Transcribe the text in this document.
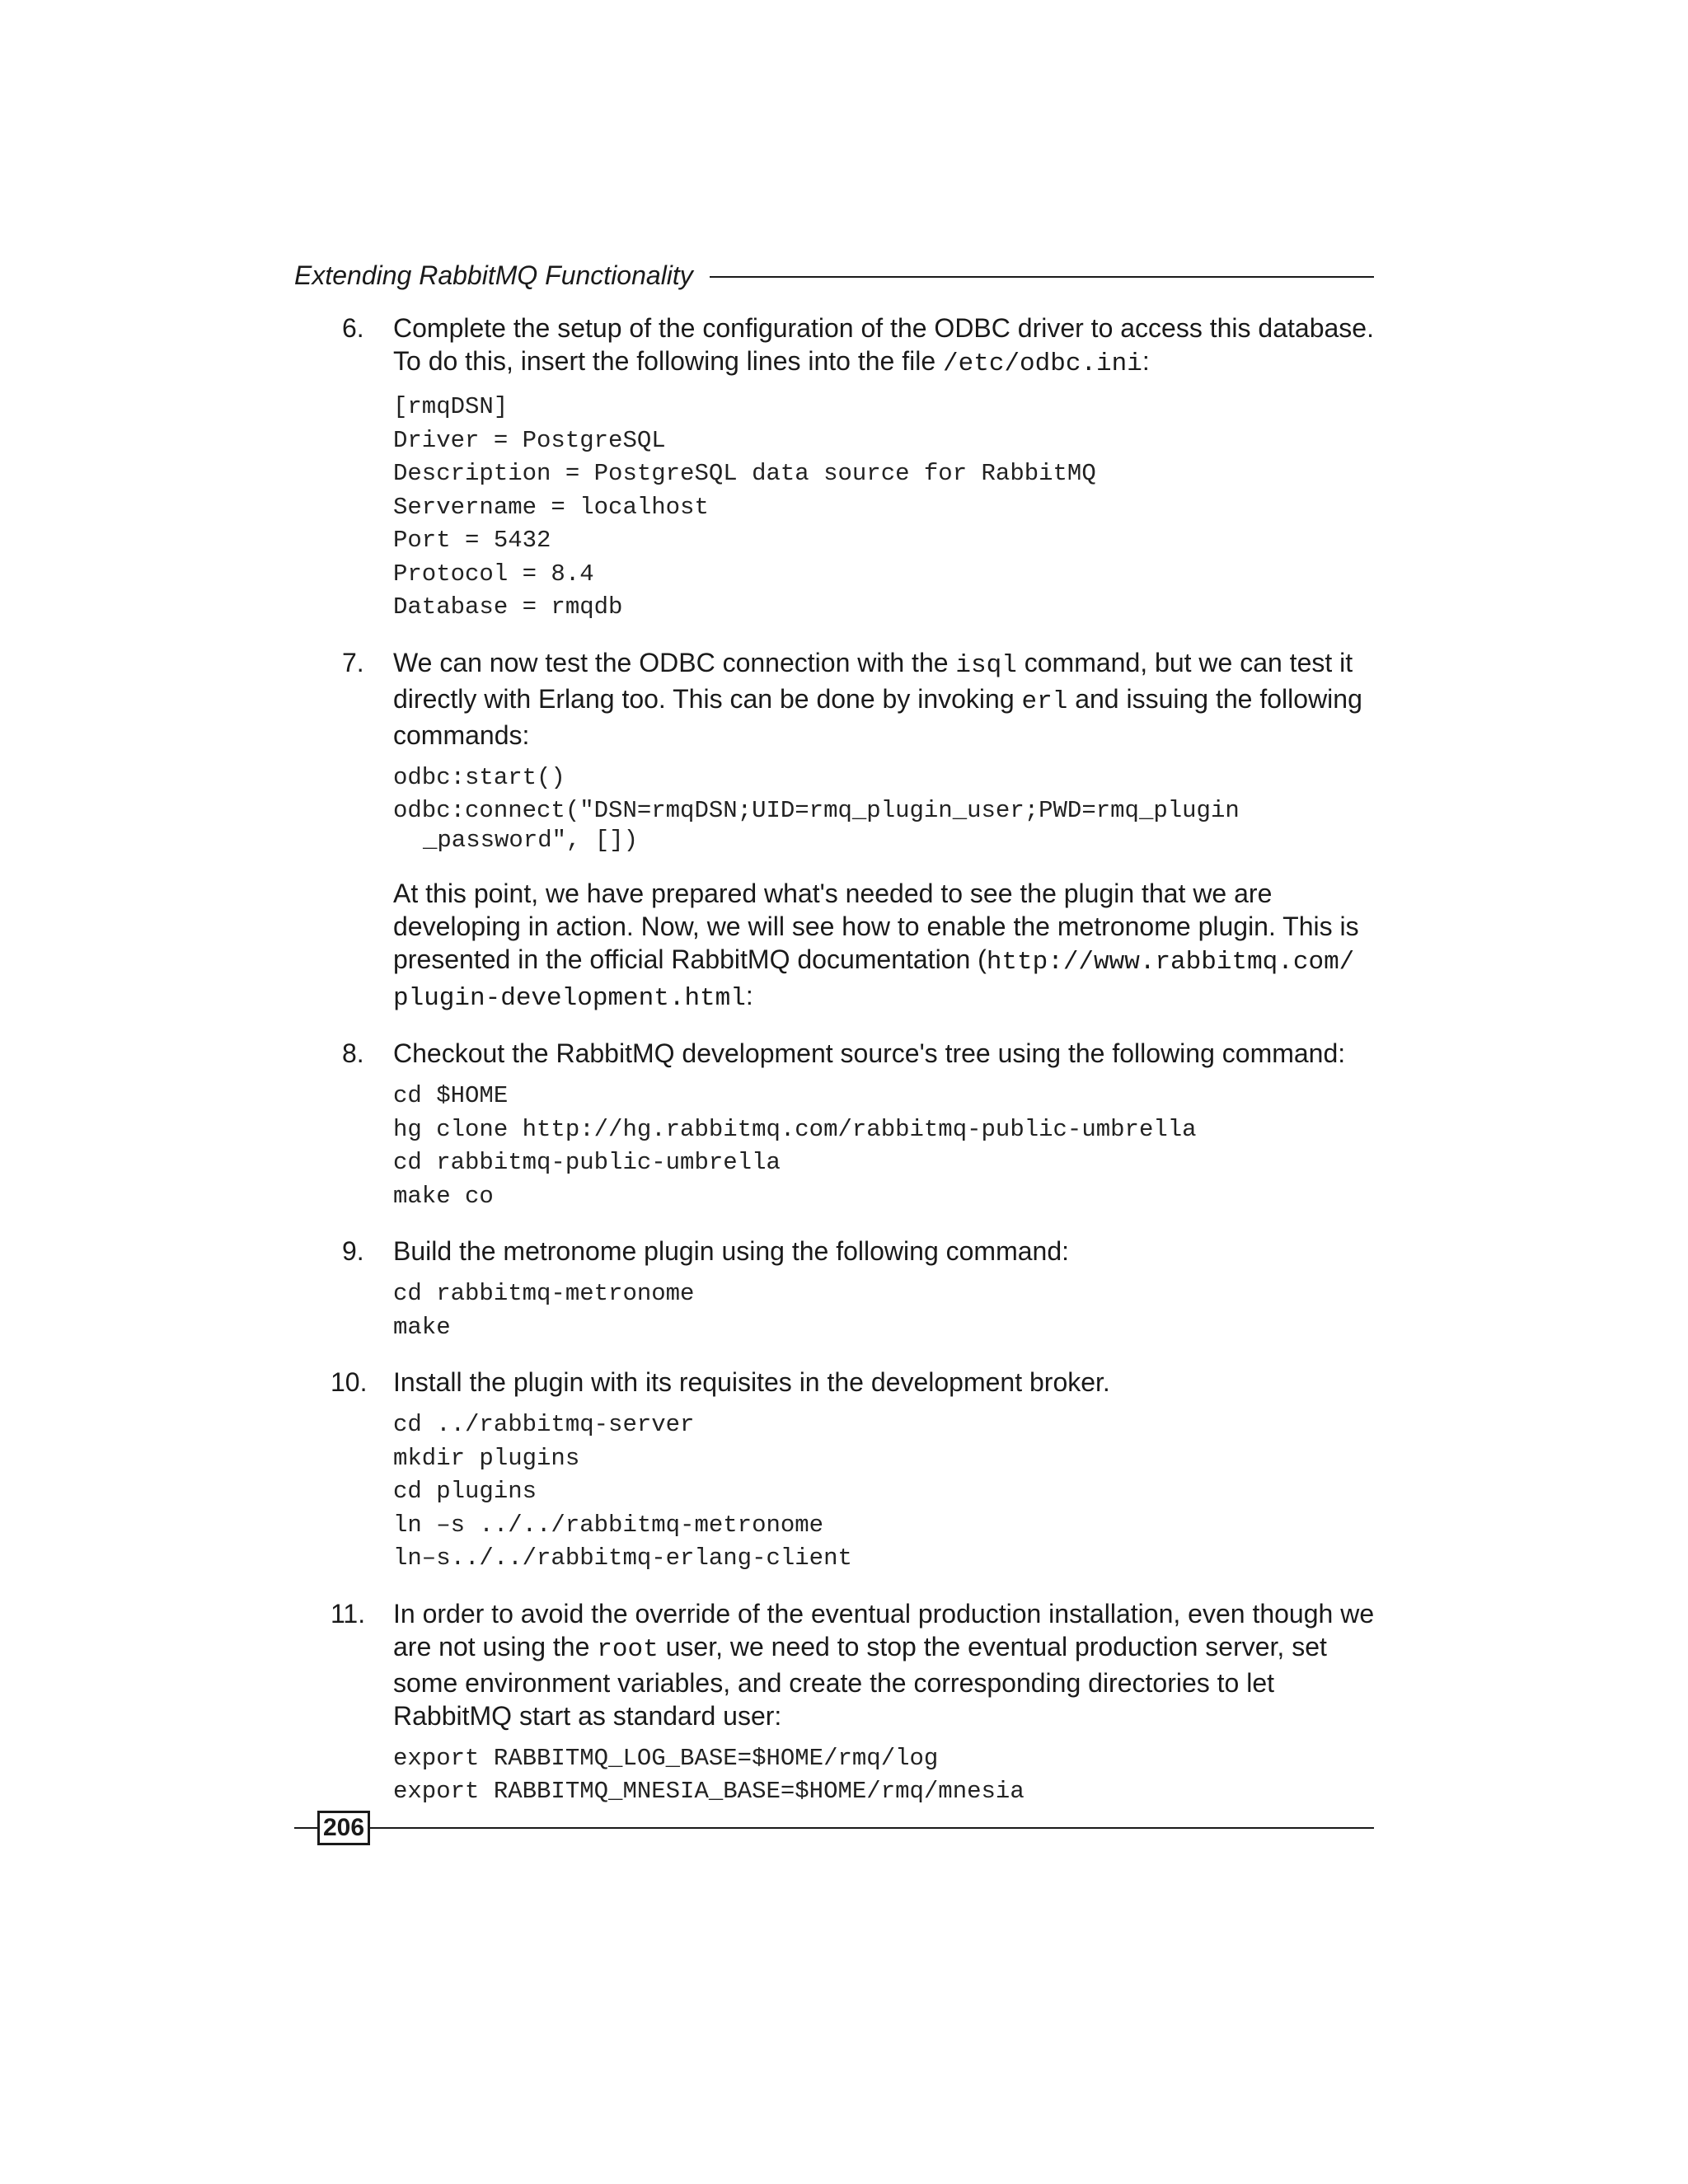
Extending RabbitMQ Functionality
6. Complete the setup of the configuration of the ODBC driver to access this database. To do this, insert the following lines into the file /etc/odbc.ini:

[rmqDSN]
Driver = PostgreSQL
Description = PostgreSQL data source for RabbitMQ
Servername = localhost
Port = 5432
Protocol = 8.4
Database = rmqdb
7. We can now test the ODBC connection with the isql command, but we can test it directly with Erlang too. This can be done by invoking erl and issuing the following commands:

odbc:start()
odbc:connect("DSN=rmqDSN;UID=rmq_plugin_user;PWD=rmq_plugin
_password", [])

At this point, we have prepared what's needed to see the plugin that we are developing in action. Now, we will see how to enable the metronome plugin. This is presented in the official RabbitMQ documentation (http://www.rabbitmq.com/ plugin-development.html:

8. Checkout the RabbitMQ development source's tree using the following command:

cd $HOME
hg clone http://hg.rabbitmq.com/rabbitmq-public-umbrella
cd rabbitmq-public-umbrella
make co
9. Build the metronome plugin using the following command:

cd rabbitmq-metronome
make
10. Install the plugin with its requisites in the development broker.

cd ../rabbitmq-server
mkdir plugins
cd plugins
ln –s ../../rabbitmq-metronome
ln–s../../rabbitmq-erlang-client
11. In order to avoid the override of the eventual production installation, even though we are not using the root user, we need to stop the eventual production server, set some environment variables, and create the corresponding directories to let RabbitMQ start as standard user:

export RABBITMQ_LOG_BASE=$HOME/rmq/log
export RABBITMQ_MNESIA_BASE=$HOME/rmq/mnesia
206
